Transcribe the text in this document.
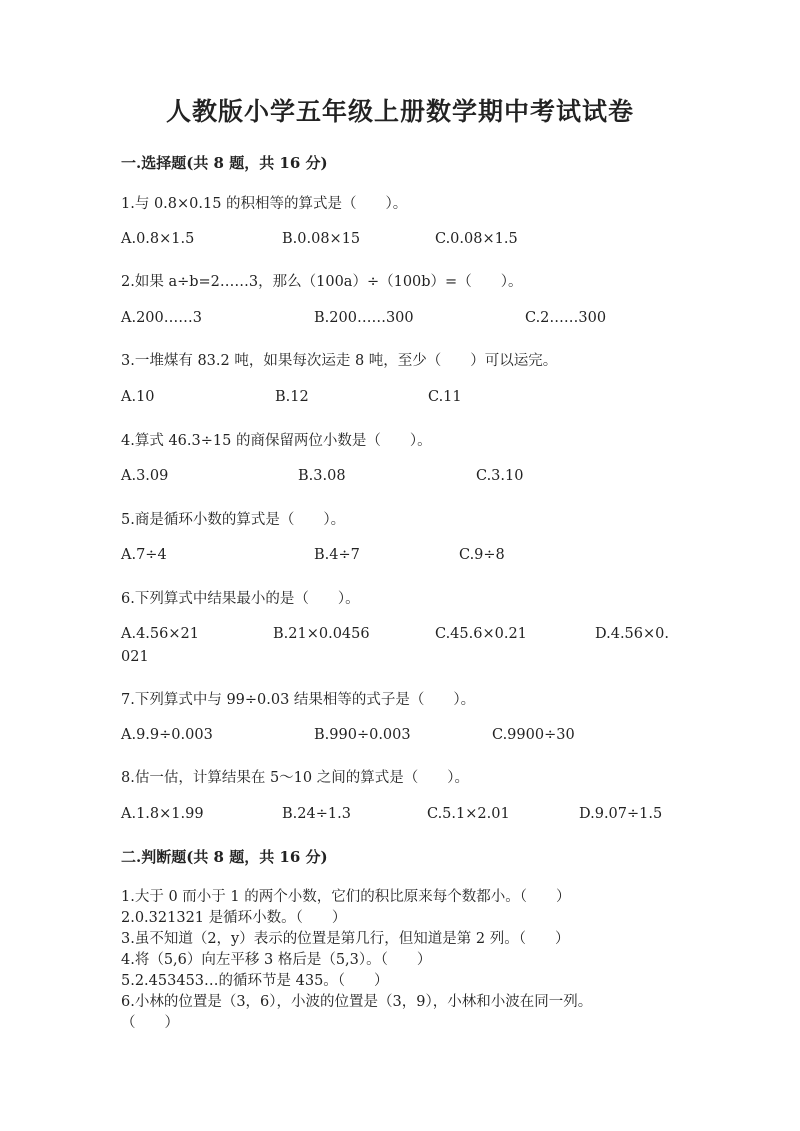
人教版小学五年级上册数学期中考试试卷
一.选择题(共 8 题，共 16 分)
1.与 0.8×0.15 的积相等的算式是（　　）。
A.0.8×1.5	B.0.08×15	C.0.08×1.5
2.如果 a÷b=2……3，那么（100a）÷（100b）=（　　）。
A.200……3	B.200……300	C.2……300
3.一堆煤有 83.2 吨，如果每次运走 8 吨，至少（　　）可以运完。
A.10	B.12	C.11
4.算式 46.3÷15 的商保留两位小数是（　　）。
A.3.09	B.3.08	C.3.10
5.商是循环小数的算式是（　　）。
A.7÷4	B.4÷7	C.9÷8
6.下列算式中结果最小的是（　　）。
A.4.56×21	B.21×0.0456	C.45.6×0.21	D.4.56×0.
021
7.下列算式中与 99÷0.03 结果相等的式子是（　　）。
A.9.9÷0.003	B.990÷0.003	C.9900÷30
8.估一估，计算结果在 5～10 之间的算式是（　　）。
A.1.8×1.99	B.24÷1.3	C.5.1×2.01	D.9.07÷1.5
二.判断题(共 8 题，共 16 分)
1.大于 0 而小于 1 的两个小数，它们的积比原来每个数都小。（　　）
2.0.321321 是循环小数。（　　）
3.虽不知道（2，y）表示的位置是第几行，但知道是第 2 列。（　　）
4.将（5,6）向左平移 3 格后是（5,3）。（　　）
5.2.453453…的循环节是 435。（　　）
6.小林的位置是（3，6），小波的位置是（3，9），小林和小波在同一列。
（　　）
